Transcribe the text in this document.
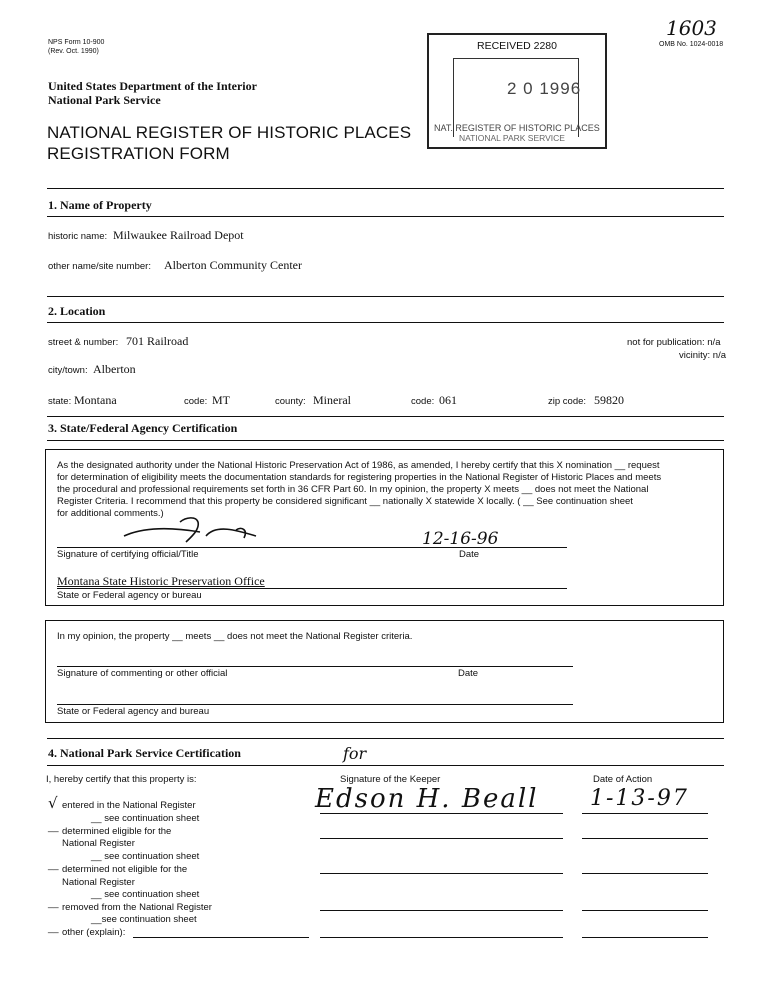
NPS Form 10-900
(Rev. Oct. 1990)
OMB No. 1024-0018
1603
United States Department of the Interior
National Park Service
NATIONAL REGISTER OF HISTORIC PLACES
REGISTRATION FORM
RECEIVED 2280
2 0 1996
NAT. REGISTER OF HISTORIC PLACES
NATIONAL PARK SERVICE
1. Name of Property
historic name: Milwaukee Railroad Depot
other name/site number: Alberton Community Center
2. Location
street & number: 701 Railroad	not for publication: n/a
vicinity: n/a
city/town: Alberton
state: Montana	code: MT	county: Mineral	code: 061	zip code: 59820
3. State/Federal Agency Certification
As the designated authority under the National Historic Preservation Act of 1986, as amended, I hereby certify that this X nomination __ request
for determination of eligibility meets the documentation standards for registering properties in the National Register of Historic Places and meets
the procedural and professional requirements set forth in 36 CFR Part 60. In my opinion, the property X meets __ does not meet the National
Register Criteria. I recommend that this property be considered significant __ nationally X statewide X locally. ( __ See continuation sheet
for additional comments.)
12-16-96
Signature of certifying official/Title	Date
Montana State Historic Preservation Office
State or Federal agency or bureau
In my opinion, the property __ meets __ does not meet the National Register criteria.
Signature of commenting or other official	Date
State or Federal agency and bureau
4. National Park Service Certification
I, hereby certify that this property is:	Signature of the Keeper	Date of Action
for
Edson H. Beall 1-13-97
√ entered in the National Register
__ see continuation sheet
__ determined eligible for the
National Register
__ see continuation sheet
__ determined not eligible for the
National Register
__ see continuation sheet
__ removed from the National Register
__see continuation sheet
__ other (explain):
